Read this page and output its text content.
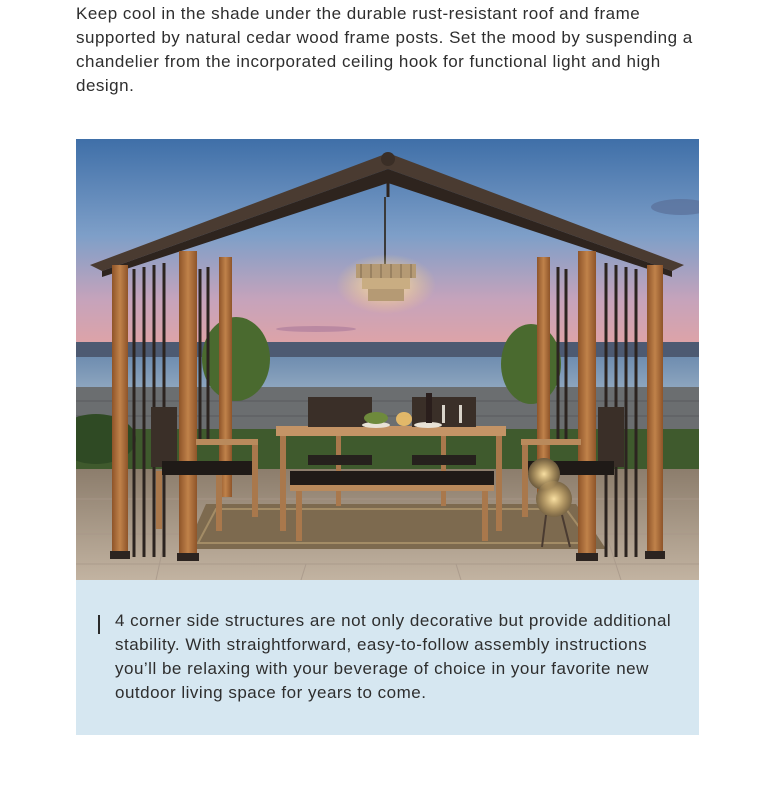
Keep cool in the shade under the durable rust-resistant roof and frame supported by natural cedar wood frame posts. Set the mood by suspending a chandelier from the incorporated ceiling hook for functional light and high design.

4 corner side structures are not only decorative but provide additional stability. With straightforward, easy-to-follow assembly instructions you’ll be relaxing with your beverage of choice in your favorite new outdoor living space for years to come.
